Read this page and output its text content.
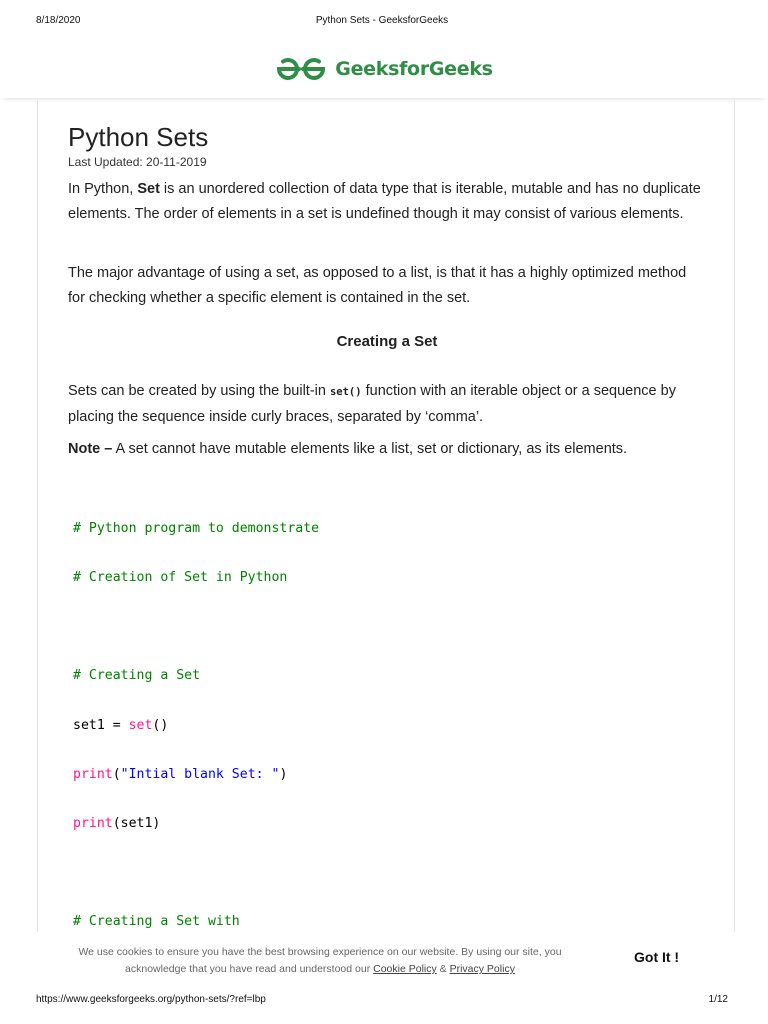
8/18/2020	Python Sets - GeeksforGeeks
GeeksforGeeks
Python Sets
Last Updated: 20-11-2019

In Python, Set is an unordered collection of data type that is iterable, mutable and has no duplicate elements. The order of elements in a set is undefined though it may consist of various elements.

The major advantage of using a set, as opposed to a list, is that it has a highly optimized method for checking whether a specific element is contained in the set.

Creating a Set

Sets can be created by using the built-in set() function with an iterable object or a sequence by placing the sequence inside curly braces, separated by ‘comma’.

Note – A set cannot have mutable elements like a list, set or dictionary, as its elements.

# Python program to demonstrate

# Creation of Set in Python

# Creating a Set

set1 = set()

print("Intial blank Set: ")

print(set1)

# Creating a Set with

We use cookies to ensure you have the best browsing experience on our website. By using our site, you acknowledge that you have read and understood our Cookie Policy & Privacy Policy
Got It !
https://www.geeksforgeeks.org/python-sets/?ref=lbp	1/12
